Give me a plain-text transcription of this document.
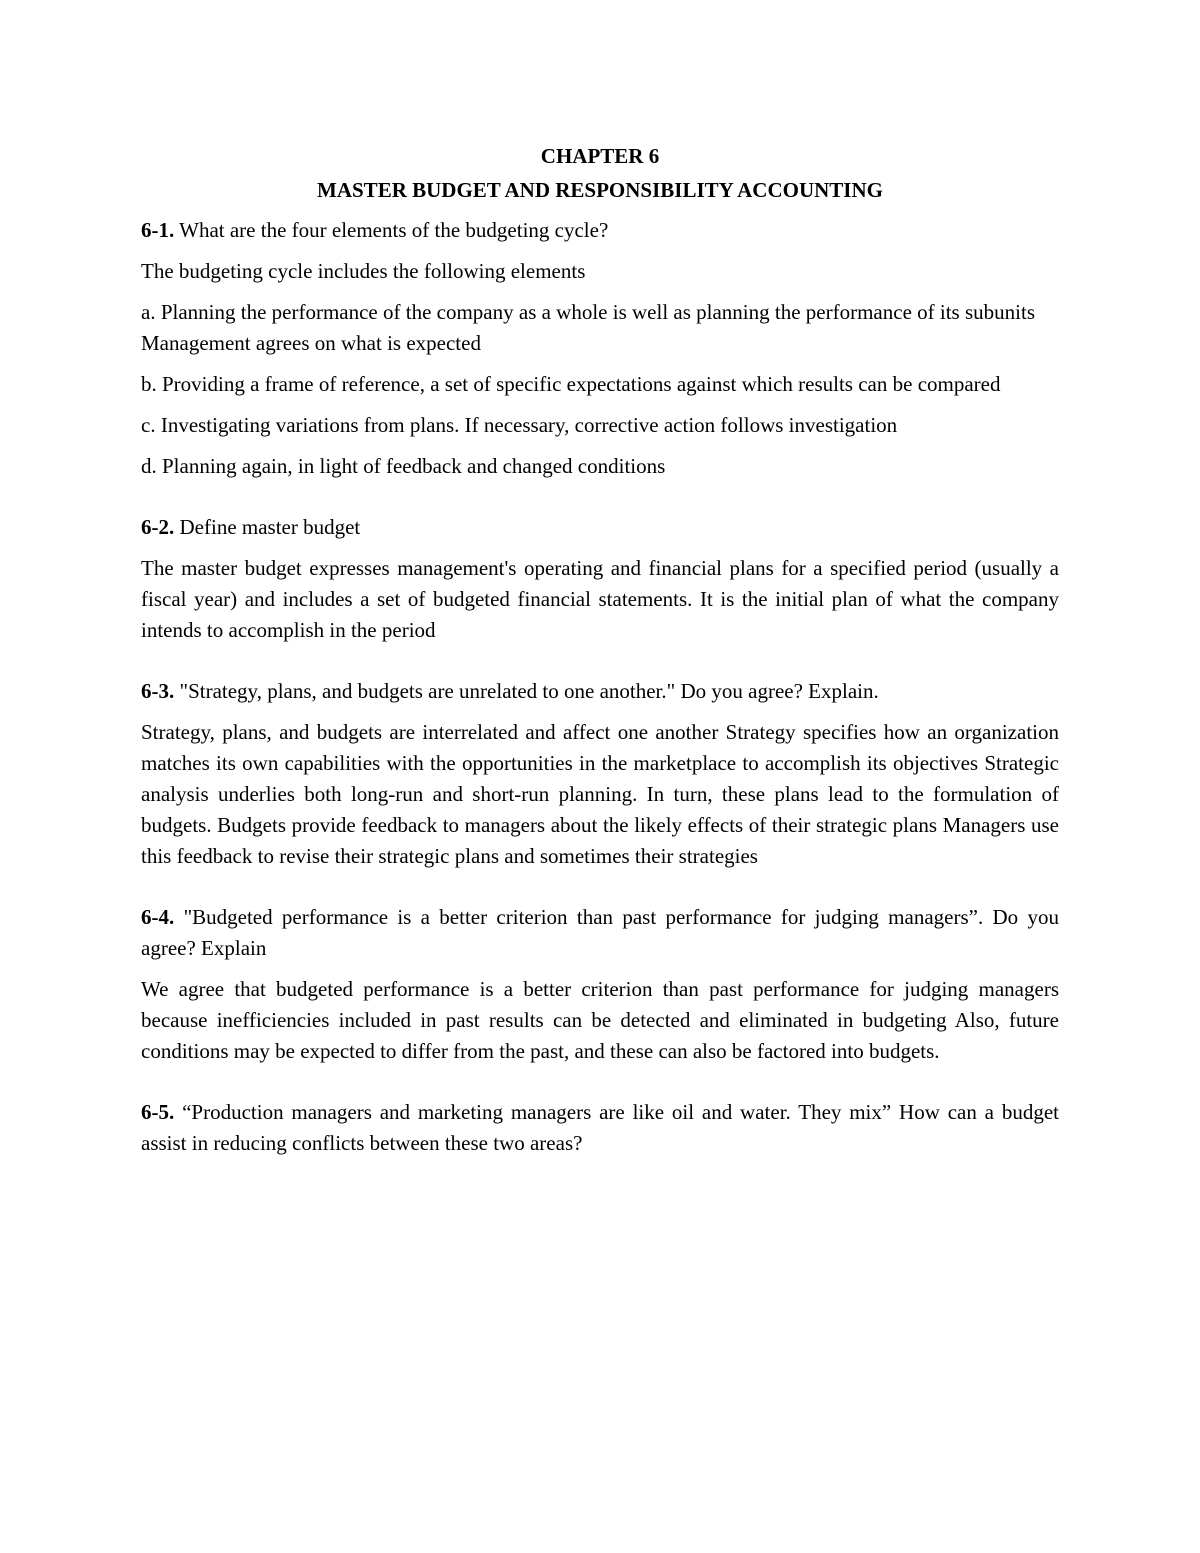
CHAPTER 6

MASTER BUDGET AND RESPONSIBILITY ACCOUNTING

6-1. What are the four elements of the budgeting cycle?

The budgeting cycle includes the following elements

a. Planning the performance of the company as a whole is well as planning the performance of its subunits Management agrees on what is expected

b. Providing a frame of reference, a set of specific expectations against which results can be compared

c. Investigating variations from plans. If necessary, corrective action follows investigation

d. Planning again, in light of feedback and changed conditions

6-2. Define master budget

The master budget expresses management's operating and financial plans for a specified period (usually a fiscal year) and includes a set of budgeted financial statements. It is the initial plan of what the company intends to accomplish in the period

6-3. "Strategy, plans, and budgets are unrelated to one another." Do you agree? Explain.

Strategy, plans, and budgets are interrelated and affect one another Strategy specifies how an organization matches its own capabilities with the opportunities in the marketplace to accomplish its objectives Strategic analysis underlies both long-run and short-run planning. In turn, these plans lead to the formulation of budgets. Budgets provide feedback to managers about the likely effects of their strategic plans Managers use this feedback to revise their strategic plans and sometimes their strategies

6-4. "Budgeted performance is a better criterion than past performance for judging managers”. Do you agree? Explain

We agree that budgeted performance is a better criterion than past performance for judging managers because inefficiencies included in past results can be detected and eliminated in budgeting Also, future conditions may be expected to differ from the past, and these can also be factored into budgets.

6-5. “Production managers and marketing managers are like oil and water. They mix” How can a budget assist in reducing conflicts between these two areas?
